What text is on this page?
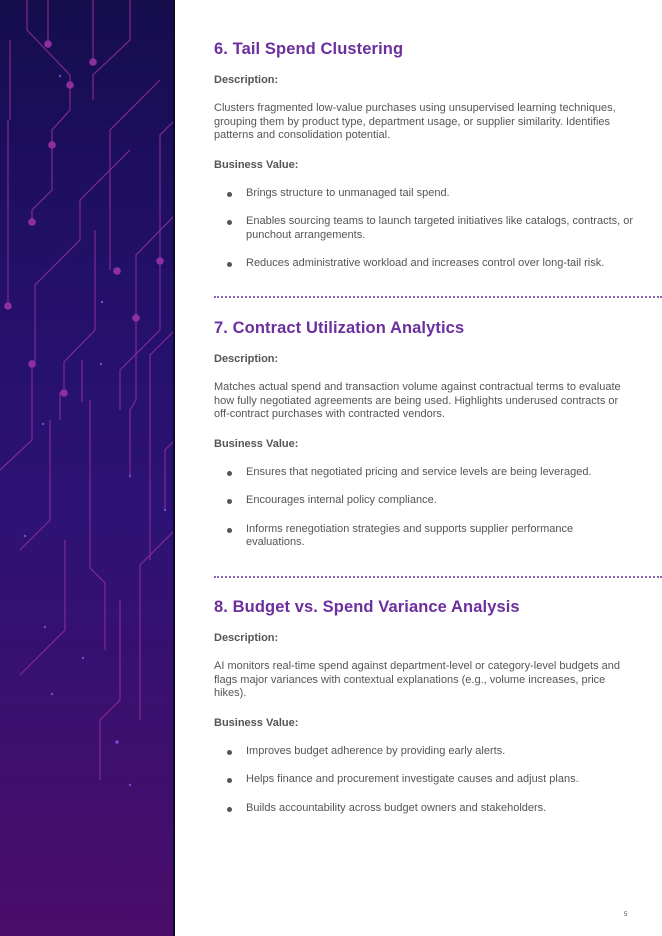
6. Tail Spend Clustering
Description:

Clusters fragmented low-value purchases using unsupervised learning techniques, grouping them by product type, department usage, or supplier similarity. Identifies patterns and consolidation potential.

Business Value:
Brings structure to unmanaged tail spend.
Enables sourcing teams to launch targeted initiatives like catalogs, contracts, or punchout arrangements.
Reduces administrative workload and increases control over long-tail risk.
7. Contract Utilization Analytics
Description:

Matches actual spend and transaction volume against contractual terms to evaluate how fully negotiated agreements are being used. Highlights underused contracts or off-contract purchases with contracted vendors.

Business Value:
Ensures that negotiated pricing and service levels are being leveraged.
Encourages internal policy compliance.
Informs renegotiation strategies and supports supplier performance evaluations.
8. Budget vs. Spend Variance Analysis
Description:

AI monitors real-time spend against department-level or category-level budgets and flags major variances with contextual explanations (e.g., volume increases, price hikes).

Business Value:
Improves budget adherence by providing early alerts.
Helps finance and procurement investigate causes and adjust plans.
Builds accountability across budget owners and stakeholders.
5
